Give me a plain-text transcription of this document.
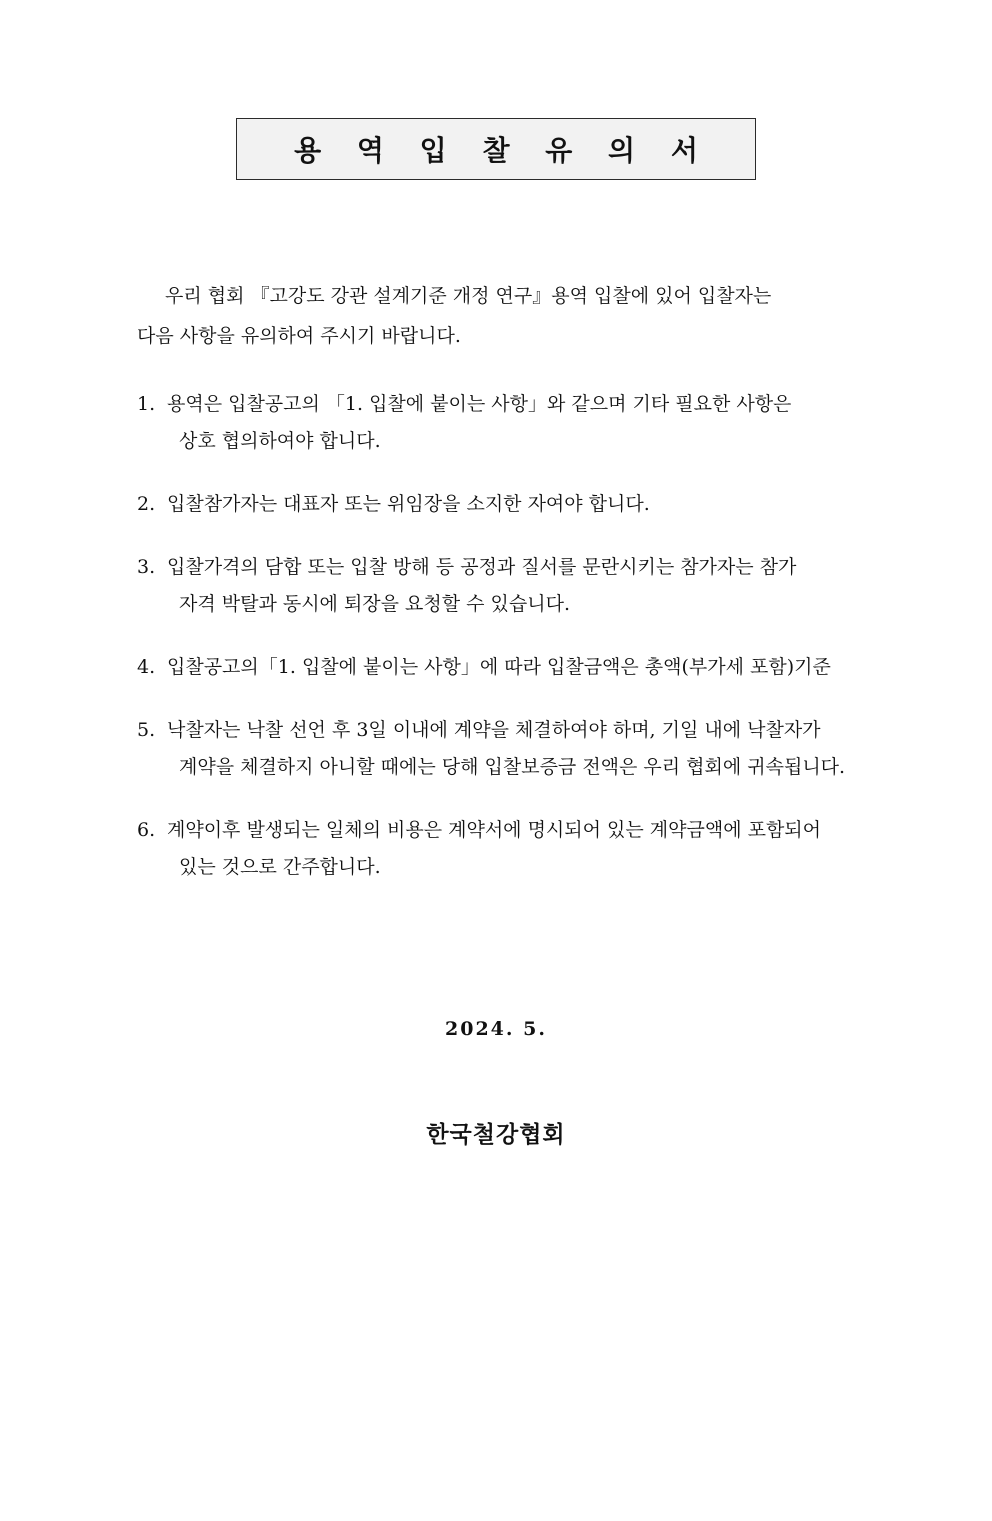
용 역 입 찰 유 의 서
우리 협회 『고강도 강관 설계기준 개정 연구』용역 입찰에 있어 입찰자는
다음 사항을 유의하여 주시기 바랍니다.
1. 용역은 입찰공고의 「1. 입찰에 붙이는 사항」와 같으며 기타 필요한 사항은
상호 협의하여야 합니다.
2. 입찰참가자는 대표자 또는 위임장을 소지한 자여야 합니다.
3. 입찰가격의 담합 또는 입찰 방해 등 공정과 질서를 문란시키는 참가자는 참가
자격 박탈과 동시에 퇴장을 요청할 수 있습니다.
4. 입찰공고의「1. 입찰에 붙이는 사항」에 따라 입찰금액은 총액(부가세 포함)기준
5. 낙찰자는 낙찰 선언 후 3일 이내에 계약을 체결하여야 하며, 기일 내에 낙찰자가
계약을 체결하지 아니할 때에는 당해 입찰보증금 전액은 우리 협회에 귀속됩니다.
6. 계약이후 발생되는 일체의 비용은 계약서에 명시되어 있는 계약금액에 포함되어
있는 것으로 간주합니다.
2024. 5.
한국철강협회
